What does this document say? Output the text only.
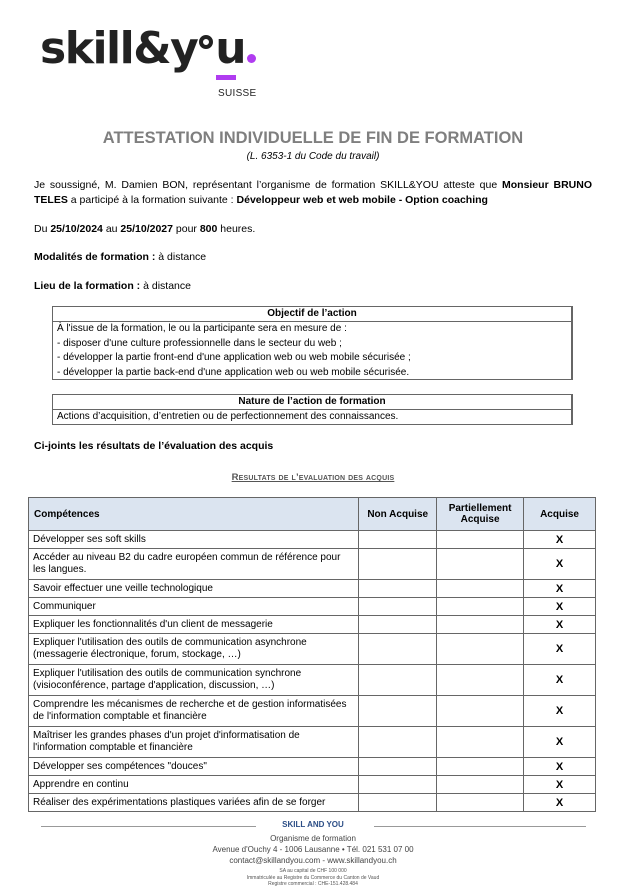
skill&y u
SUISSE
ATTESTATION INDIVIDUELLE DE FIN DE FORMATION
(L. 6353-1 du Code du travail)
Je soussigné, M. Damien BON, représentant l’organisme de formation SKILL&YOU atteste que Monsieur BRUNO TELES a participé à la formation suivante : Développeur web et web mobile - Option coaching
Du 25/10/2024 au 25/10/2027 pour 800 heures.
Modalités de formation : à distance
Lieu de la formation : à distance
Objectif de l’action
À l'issue de la formation, le ou la participante sera en mesure de :
- disposer d'une culture professionnelle dans le secteur du web ;
- développer la partie front-end d'une application web ou web mobile sécurisée ;
- développer la partie back-end d'une application web ou web mobile sécurisée.
Nature de l’action de formation
Actions d’acquisition, d’entretien ou de perfectionnement des connaissances.
Ci-joints les résultats de l’évaluation des acquis
Resultats de l’evaluation des acquis
Compétences	Non Acquise	Partiellement Acquise	Acquise
Développer ses soft skills			X
Accéder au niveau B2 du cadre européen commun de référence pour les langues.			X
Savoir effectuer une veille technologique			X
Communiquer			X
Expliquer les fonctionnalités d'un client de messagerie			X
Expliquer l'utilisation des outils de communication asynchrone (messagerie électronique, forum, stockage, …)			X
Expliquer l'utilisation des outils de communication synchrone (visioconférence, partage d'application, discussion, …)			X
Comprendre les mécanismes de recherche et de gestion informatisées de l'information comptable et financière			X
Maîtriser les grandes phases d'un projet d'informatisation de l'information comptable et financière			X
Développer ses compétences "douces"			X
Apprendre en continu			X
Réaliser des expérimentations plastiques variées afin de se forger			X
SKILL AND YOU
Organisme de formation
Avenue d'Ouchy 4 - 1006 Lausanne • Tél. 021 531 07 00
contact@skillandyou.com - www.skillandyou.ch
SA au capital de CHF 100 000
Immatriculée au Registre du Commerce du Canton de Vaud
Registre commercial : CHE-151.428.484
